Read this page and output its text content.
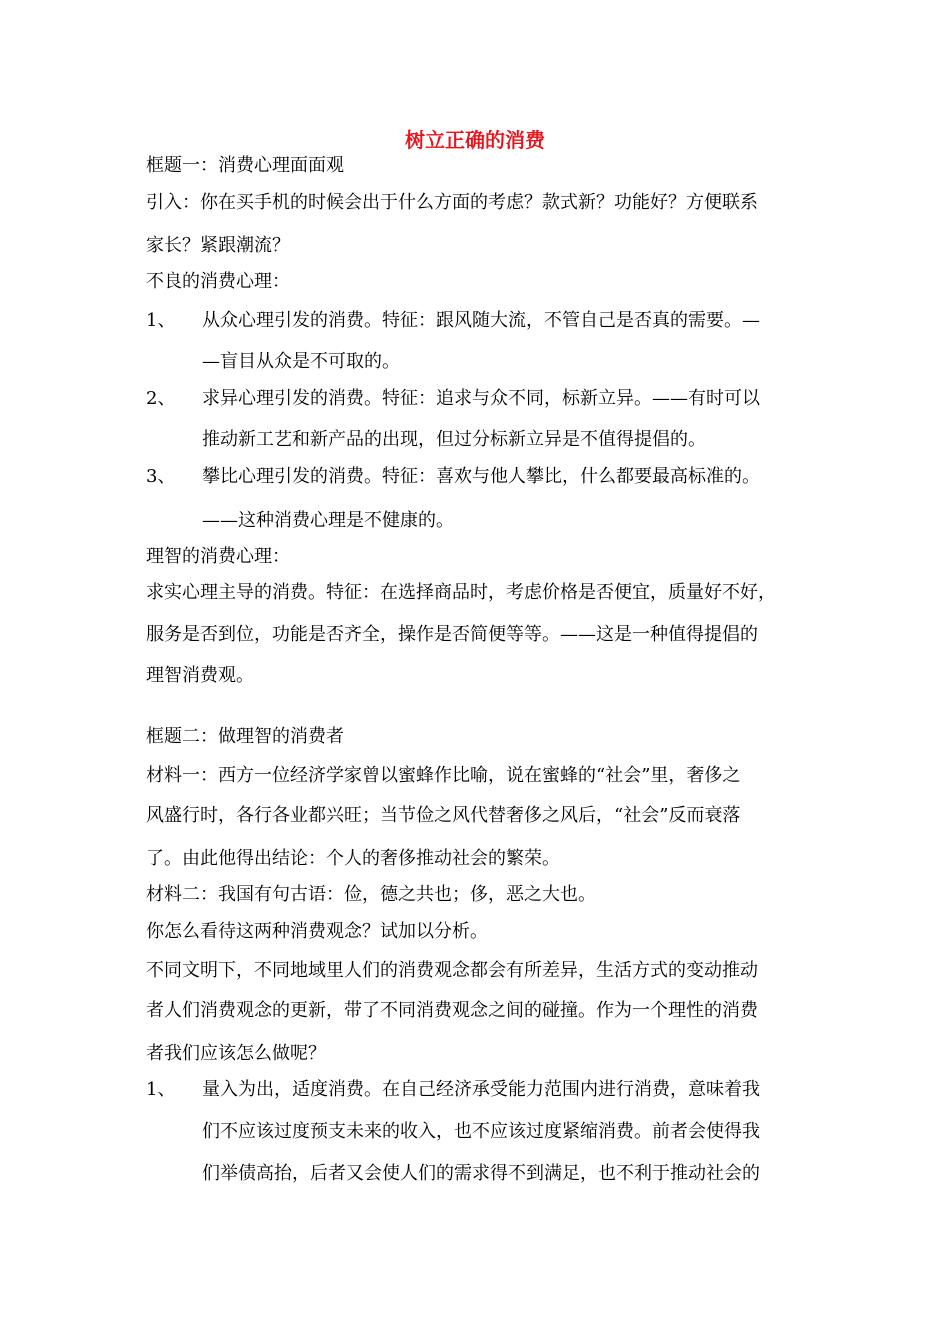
树立正确的消费
框题一：消费心理面面观
引入：你在买手机的时候会出于什么方面的考虑？款式新？功能好？方便联系
家长？紧跟潮流？
不良的消费心理：
1、 从众心理引发的消费。特征：跟风随大流，不管自己是否真的需要。—
—盲目从众是不可取的。
2、 求异心理引发的消费。特征：追求与众不同，标新立异。——有时可以
推动新工艺和新产品的出现，但过分标新立异是不值得提倡的。
3、 攀比心理引发的消费。特征：喜欢与他人攀比，什么都要最高标准的。
——这种消费心理是不健康的。
理智的消费心理：
求实心理主导的消费。特征：在选择商品时，考虑价格是否便宜，质量好不好，
服务是否到位，功能是否齐全，操作是否简便等等。——这是一种值得提倡的
理智消费观。
框题二：做理智的消费者
材料一：西方一位经济学家曾以蜜蜂作比喻，说在蜜蜂的“社会”里，奢侈之
风盛行时，各行各业都兴旺；当节俭之风代替奢侈之风后，“社会”反而衰落
了。由此他得出结论：个人的奢侈推动社会的繁荣。
材料二：我国有句古语：俭，德之共也；侈，恶之大也。
你怎么看待这两种消费观念？试加以分析。
不同文明下，不同地域里人们的消费观念都会有所差异，生活方式的变动推动
者人们消费观念的更新，带了不同消费观念之间的碰撞。作为一个理性的消费
者我们应该怎么做呢？
1、 量入为出，适度消费。在自己经济承受能力范围内进行消费，意味着我
们不应该过度预支未来的收入，也不应该过度紧缩消费。前者会使得我
们举债高抬，后者又会使人们的需求得不到满足，也不利于推动社会的
